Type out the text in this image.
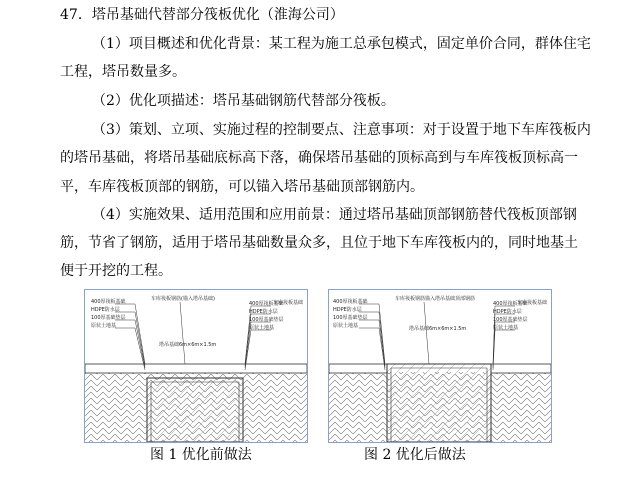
47．塔吊基础代替部分筏板优化（淮海公司）
（1）项目概述和优化背景：某工程为施工总承包模式，固定单价合同，群体住宅
工程，塔吊数量多。
（2）优化项描述：塔吊基础钢筋代替部分筏板。
（3）策划、立项、实施过程的控制要点、注意事项：对于设置于地下车库筏板内
的塔吊基础，将塔吊基础底标高下落，确保塔吊基础的顶标高到与车库筏板顶标高一
平，车库筏板顶部的钢筋，可以锚入塔吊基础顶部钢筋内。
（4）实施效果、适用范围和应用前景：通过塔吊基础顶部钢筋替代筏板顶部钢
筋，节省了钢筋，适用于塔吊基础数量众多，且位于地下车库筏板内的，同时地基土
便于开挖的工程。
400厚筏板基础
HDPE防水层
100厚基础垫层
原状土地基
车库筏板钢筋(锚入塔吊基础)
塔吊基础6m×6m×1.5m
车库筏板基础
400厚筏板基础
HDPE防水层
100厚基础垫层
原状土地基
400厚筏板基础
HDPE防水层
100厚基础垫层
原状土地基
车库筏板钢筋锚入塔吊基础顶部钢筋
塔吊基础6m×6m×1.5m
车库筏板基础
400厚筏板基础
HDPE防水层
100厚基础垫层
原状土地基
图 1 优化前做法	图 2 优化后做法
